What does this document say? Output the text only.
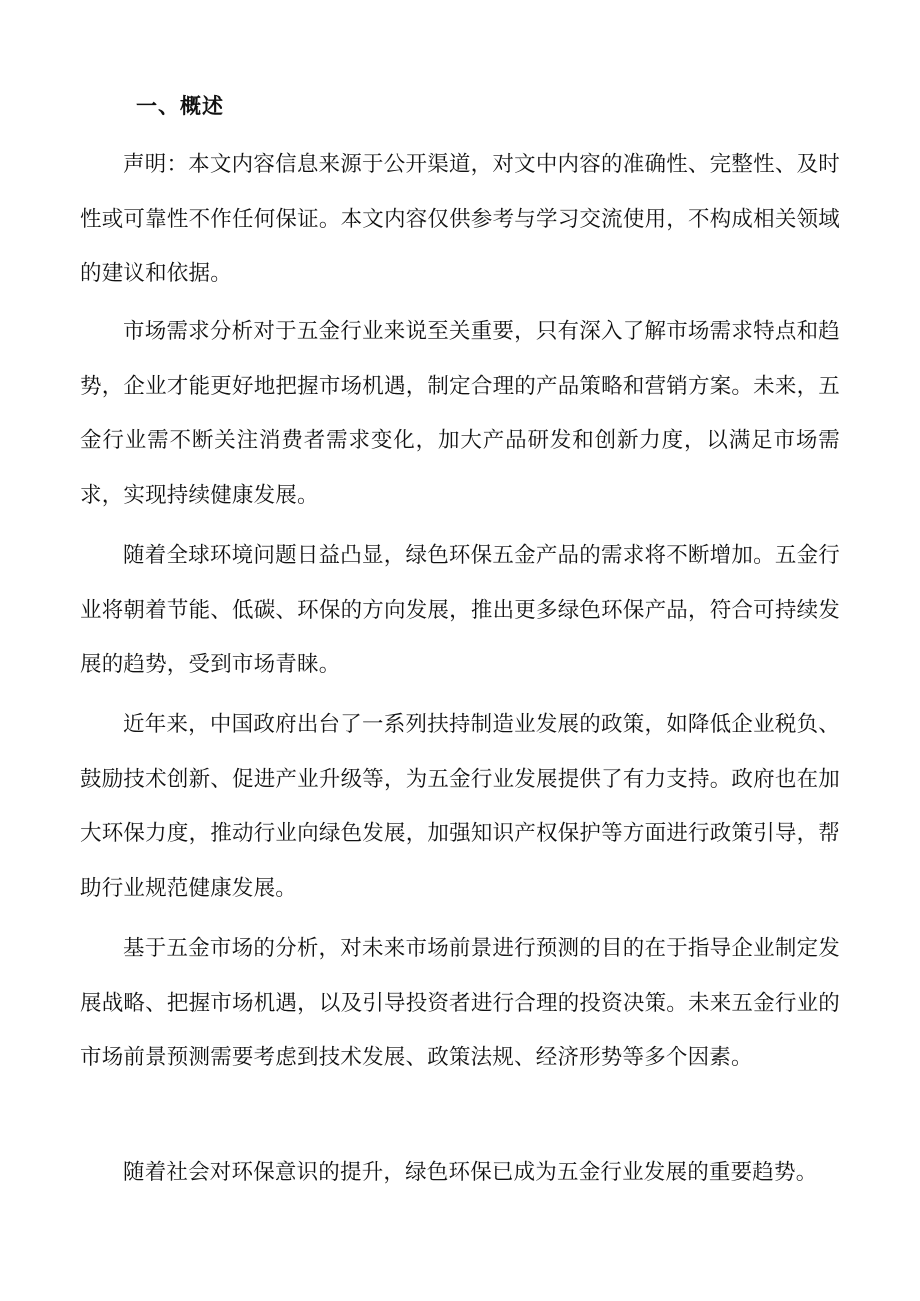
一、概述

声明：本文内容信息来源于公开渠道，对文中内容的准确性、完整性、及时性或可靠性不作任何保证。本文内容仅供参考与学习交流使用，不构成相关领域的建议和依据。

市场需求分析对于五金行业来说至关重要，只有深入了解市场需求特点和趋势，企业才能更好地把握市场机遇，制定合理的产品策略和营销方案。未来，五金行业需不断关注消费者需求变化，加大产品研发和创新力度，以满足市场需求，实现持续健康发展。

随着全球环境问题日益凸显，绿色环保五金产品的需求将不断增加。五金行业将朝着节能、低碳、环保的方向发展，推出更多绿色环保产品，符合可持续发展的趋势，受到市场青睐。

近年来，中国政府出台了一系列扶持制造业发展的政策，如降低企业税负、鼓励技术创新、促进产业升级等，为五金行业发展提供了有力支持。政府也在加大环保力度，推动行业向绿色发展，加强知识产权保护等方面进行政策引导，帮助行业规范健康发展。

基于五金市场的分析，对未来市场前景进行预测的目的在于指导企业制定发展战略、把握市场机遇，以及引导投资者进行合理的投资决策。未来五金行业的市场前景预测需要考虑到技术发展、政策法规、经济形势等多个因素。

随着社会对环保意识的提升，绿色环保已成为五金行业发展的重要趋势。
